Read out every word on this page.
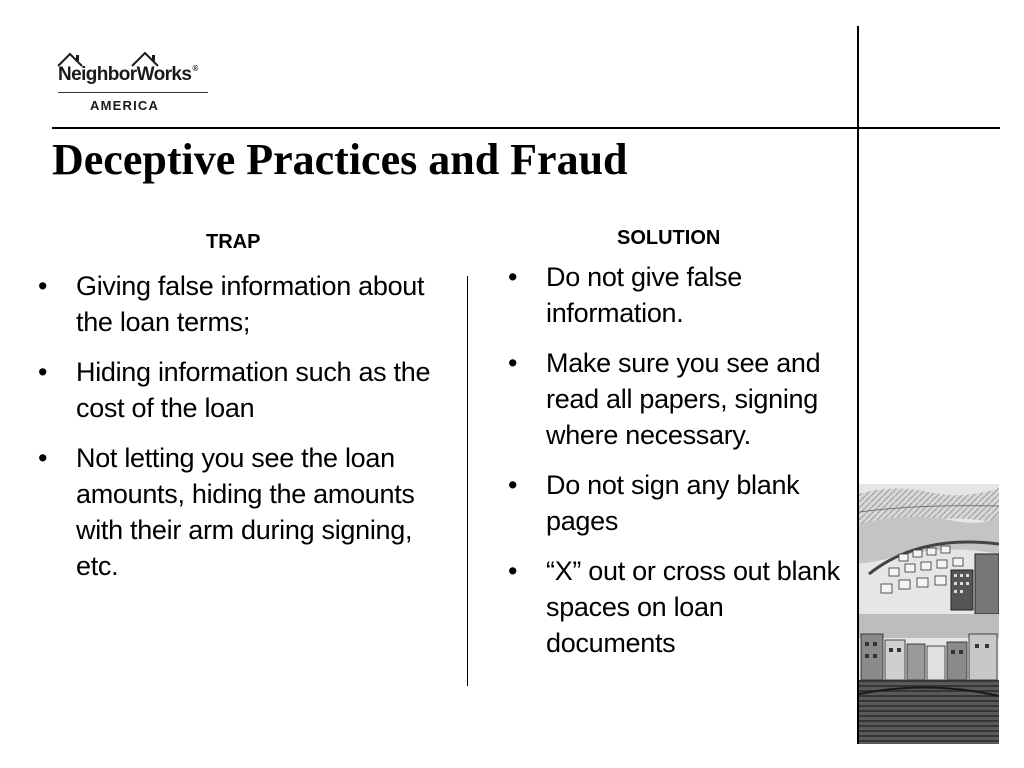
NeighborWorks®
AMERICA
Deceptive Practices and Fraud
TRAP	SOLUTION
• Giving false information about the loan terms;
• Hiding information such as the cost of the loan
• Not letting you see the loan amounts, hiding the amounts with their arm during signing, etc.
• Do not give false information.
• Make sure you see and read all papers, signing where necessary.
• Do not sign any blank pages
• “X” out or cross out blank spaces on loan documents
